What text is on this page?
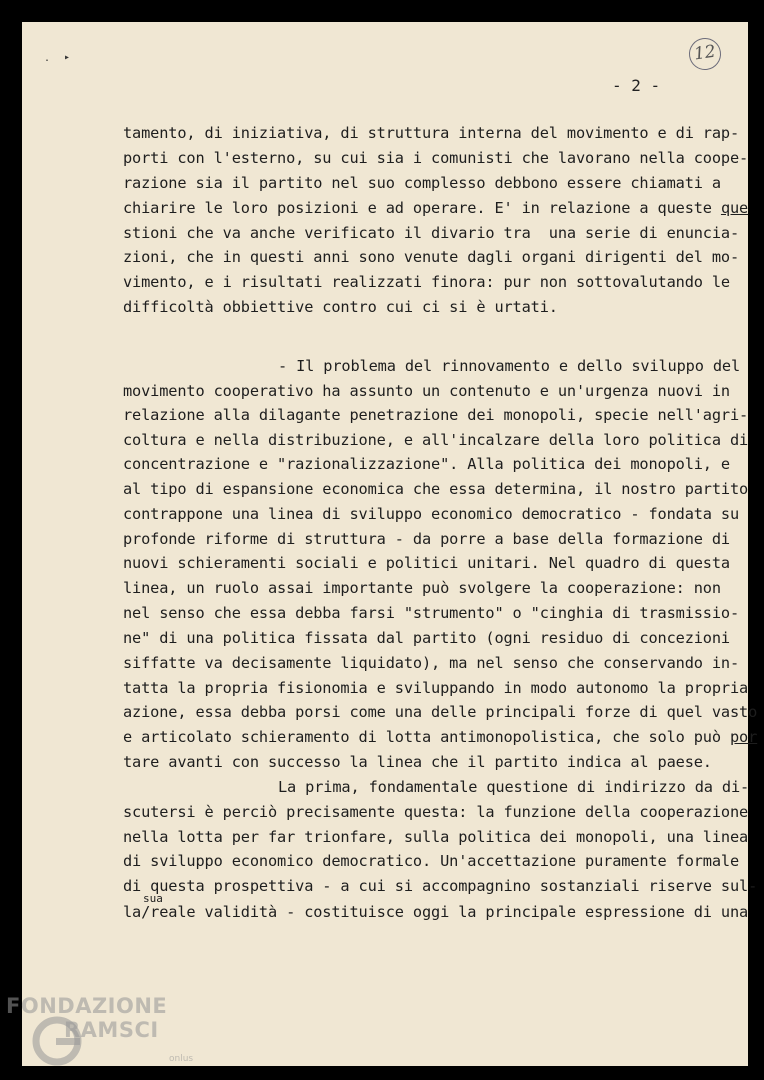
. ▸	12
- 2 -
tamento, di iniziativa, di struttura interna del movimento e di rap-
porti con l'esterno, su cui sia i comunisti che lavorano nella coope-
razione sia il partito nel suo complesso debbono essere chiamati a
chiarire le loro posizioni e ad operare. E' in relazione a queste que
stioni che va anche verificato il divario tra  una serie di enuncia-
zioni, che in questi anni sono venute dagli organi dirigenti del mo-
vimento, e i risultati realizzati finora: pur non sottovalutando le
difficoltà obbiettive contro cui ci si è urtati.
- Il problema del rinnovamento e dello sviluppo del
movimento cooperativo ha assunto un contenuto e un'urgenza nuovi in
relazione alla dilagante penetrazione dei monopoli, specie nell'agri-
coltura e nella distribuzione, e all'incalzare della loro politica di
concentrazione e "razionalizzazione". Alla politica dei monopoli, e
al tipo di espansione economica che essa determina, il nostro partito
contrappone una linea di sviluppo economico democratico - fondata su
profonde riforme di struttura - da porre a base della formazione di
nuovi schieramenti sociali e politici unitari. Nel quadro di questa
linea, un ruolo assai importante può svolgere la cooperazione: non
nel senso che essa debba farsi "strumento" o "cinghia di trasmissio-
ne" di una politica fissata dal partito (ogni residuo di concezioni
siffatte va decisamente liquidato), ma nel senso che conservando in-
tatta la propria fisionomia e sviluppando in modo autonomo la propria
azione, essa debba porsi come una delle principali forze di quel vasto
e articolato schieramento di lotta antimonopolistica, che solo può por
tare avanti con successo la linea che il partito indica al paese.
La prima, fondamentale questione di indirizzo da di-
scutersi è perciò precisamente questa: la funzione della cooperazione
nella lotta per far trionfare, sulla politica dei monopoli, una linea
di sviluppo economico democratico. Un'accettazione puramente formale
di questa prospettiva - a cui si accompagnino sostanziali riserve sul-
la/reale validità - costituisce oggi la principale espressione di una
sua
FONDAZIONE
RAMSCI
onlus
